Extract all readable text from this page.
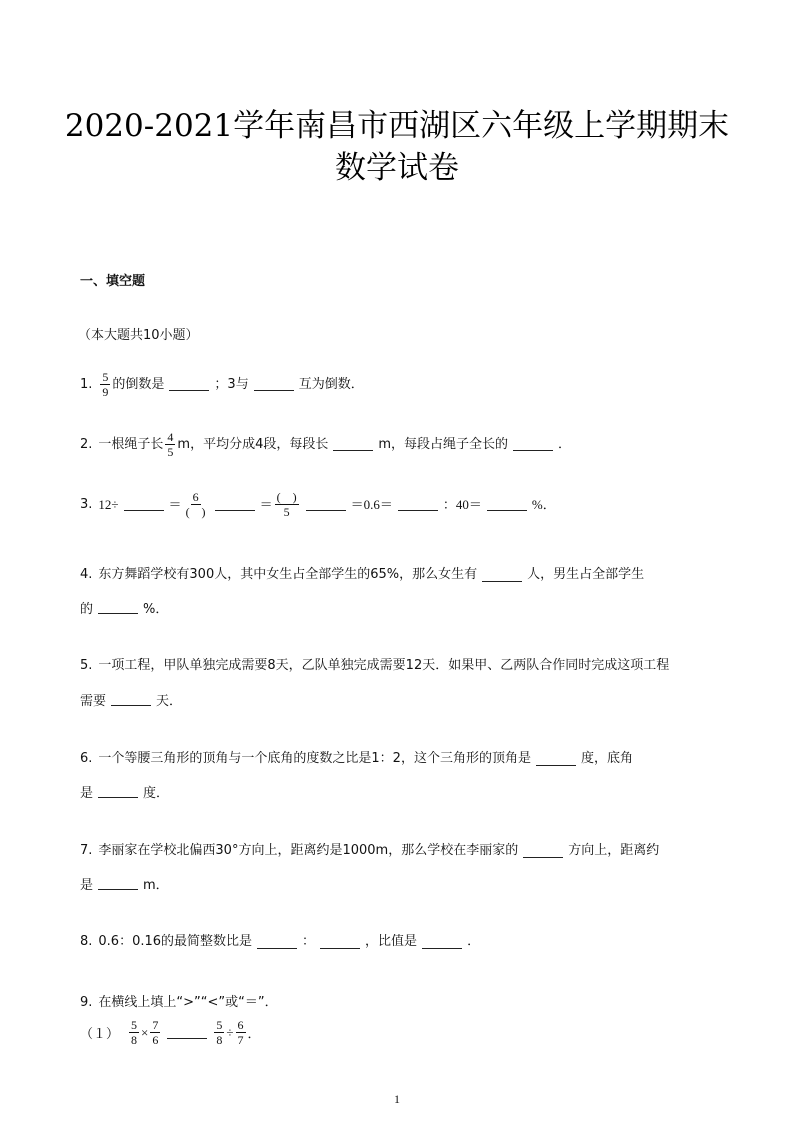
2020-2021学年南昌市西湖区六年级上学期期末
数学试卷
一、填空题
（本大题共10小题）
1. $\frac{5}{9}$ 的倒数是	；3与	互为倒数．
2. 一根绳子长 $\frac{4}{5}$ m，平均分成4段，每段长	m，每段占绳子全长的	．
3. 12÷	＝ $\frac{6}{( )}$	＝ $\frac{( )}{5}$	＝0.6＝	：40＝	%．
4. 东方舞蹈学校有300人，其中女生占全部学生的65%，那么女生有	人，男生占全部学生
的	%．
5. 一项工程，甲队单独完成需要8天，乙队单独完成需要12天．如果甲、乙两队合作同时完成这项工程
需要	天．
6. 一个等腰三角形的顶角与一个底角的度数之比是1：2，这个三角形的顶角是	度，底角
是	度．
7. 李丽家在学校北偏西30°方向上，距离约是1000m，那么学校在李丽家的	方向上，距离约
是	m．
8. 0.6：0.16的最简整数比是	：	，比值是	．
9. 在横线上填上“>”“<”或“＝”．
$(1) \frac{5}{8} \times \frac{7}{6}$	$\frac{5}{8} \div \frac{6}{7}$ ．
1
